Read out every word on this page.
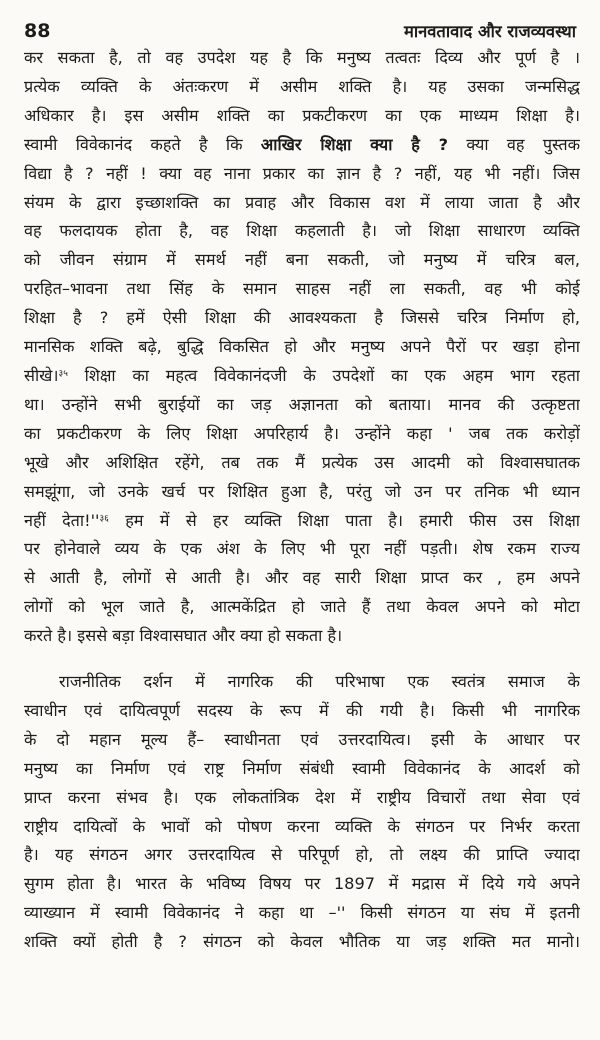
88	मानवतावाद और राजव्यवस्था
कर सकता है, तो वह उपदेश यह है कि मनुष्य तत्वतः दिव्य और पूर्ण है ।
प्रत्येक व्यक्ति के अंतःकरण में असीम शक्ति है। यह उसका जन्मसिद्ध
अधिकार है। इस असीम शक्ति का प्रकटीकरण का एक माध्यम शिक्षा है।
स्वामी विवेकानंद कहते है कि आखिर शिक्षा क्या है ? क्या वह पुस्तक
विद्या है ? नहीं ! क्या वह नाना प्रकार का ज्ञान है ? नहीं, यह भी नहीं। जिस
संयम के द्वारा इच्छाशक्ति का प्रवाह और विकास वश में लाया जाता है और
वह फलदायक होता है, वह शिक्षा कहलाती है। जो शिक्षा साधारण व्यक्ति
को जीवन संग्राम में समर्थ नहीं बना सकती, जो मनुष्य में चरित्र बल,
परहित–भावना तथा सिंह के समान साहस नहीं ला सकती, वह भी कोई
शिक्षा है ? हमें ऐसी शिक्षा की आवश्यकता है जिससे चरित्र निर्माण हो,
मानसिक शक्ति बढ़े, बुद्धि विकसित हो और मनुष्य अपने पैरों पर खड़ा होना
सीखे।$^{३५}$ शिक्षा का महत्व विवेकानंदजी के उपदेशों का एक अहम भाग रहता
था। उन्होंने सभी बुराईयों का जड़ अज्ञानता को बताया। मानव की उत्कृष्टता
का प्रकटीकरण के लिए शिक्षा अपरिहार्य है। उन्होंने कहा ' जब तक करोड़ों
भूखे और अशिक्षित रहेंगे, तब तक मैं प्रत्येक उस आदमी को विश्वासघातक
समझूंगा, जो उनके खर्च पर शिक्षित हुआ है, परंतु जो उन पर तनिक भी ध्यान
नहीं $देता!''^{३६}$ हम में से हर व्यक्ति शिक्षा पाता है। हमारी फीस उस शिक्षा
पर होनेवाले व्यय के एक अंश के लिए भी पूरा नहीं पड़ती। शेष रकम राज्य
से आती है, लोगों से आती है। और वह सारी शिक्षा प्राप्त कर , हम अपने
लोगों को भूल जाते है, आत्मकेंद्रित हो जाते हैं तथा केवल अपने को मोटा
करते है। इससे बड़ा विश्वासघात और क्या हो सकता है।
राजनीतिक दर्शन में नागरिक की परिभाषा एक स्वतंत्र समाज के
स्वाधीन एवं दायित्वपूर्ण सदस्य के रूप में की गयी है। किसी भी नागरिक
के दो महान मूल्य हैं– स्वाधीनता एवं उत्तरदायित्व। इसी के आधार पर
मनुष्य का निर्माण एवं राष्ट्र निर्माण संबंधी स्वामी विवेकानंद के आदर्श को
प्राप्त करना संभव है। एक लोकतांत्रिक देश में राष्ट्रीय विचारों तथा सेवा एवं
राष्ट्रीय दायित्वों के भावों को पोषण करना व्यक्ति के संगठन पर निर्भर करता
है। यह संगठन अगर उत्तरदायित्व से परिपूर्ण हो, तो लक्ष्य की प्राप्ति ज्यादा
सुगम होता है। भारत के भविष्य विषय पर 1897 में मद्रास में दिये गये अपने
व्याख्यान में स्वामी विवेकानंद ने कहा था –'' किसी संगठन या संघ में इतनी
शक्ति क्यों होती है ? संगठन को केवल भौतिक या जड़ शक्ति मत मानो।
